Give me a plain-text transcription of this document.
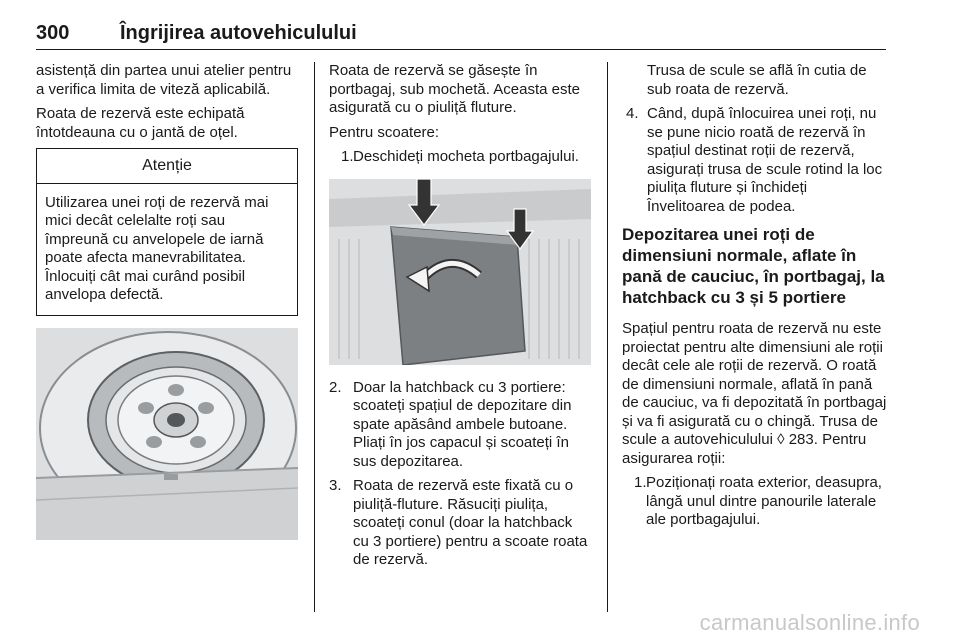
300	Îngrijirea autovehiculului

asistență din partea unui atelier pentru a verifica limita de viteză aplicabilă.

Roata de rezervă este echipată întotdeauna cu o jantă de oțel.

Atenție
Utilizarea unei roți de rezervă mai mici decât celelalte roți sau împreună cu anvelopele de iarnă poate afecta manevrabilitatea. Înlocuiți cât mai curând posibil anvelopa defectă.

Roata de rezervă se găsește în portbagaj, sub mochetă. Aceasta este asigurată cu o piuliță fluture.

Pentru scoatere:

1. Deschideți mocheta portbagajului.
2. Doar la hatchback cu 3 portiere: scoateți spațiul de depozitare din spate apăsând ambele butoane. Pliați în jos capacul și scoateți în sus depozitarea.
3. Roata de rezervă este fixată cu o piuliță-fluture. Răsuciți piulița, scoateți conul (doar la hatchback cu 3 portiere) pentru a scoate roata de rezervă.

Trusa de scule se află în cutia de sub roata de rezervă.

4. Când, după înlocuirea unei roți, nu se pune nicio roată de rezervă în spațiul destinat roții de rezervă, asigurați trusa de scule rotind la loc piulița fluture și închideți Învelitoarea de podea.
Depozitarea unei roți de dimensiuni normale, aflate în pană de cauciuc, în portbagaj, la hatchback cu 3 și 5 portiere

Spațiul pentru roata de rezervă nu este proiectat pentru alte dimensiuni ale roții decât cele ale roții de rezervă. O roată de dimensiuni normale, aflată în pană de cauciuc, va fi depozitată în portbagaj și va fi asigurată cu o chingă. Trusa de scule a autovehiculului ◊ 283. Pentru asigurarea roții:

1. Poziționați roata exterior, deasupra, lângă unul dintre panourile laterale ale portbagajului.
carmanualsonline.info
